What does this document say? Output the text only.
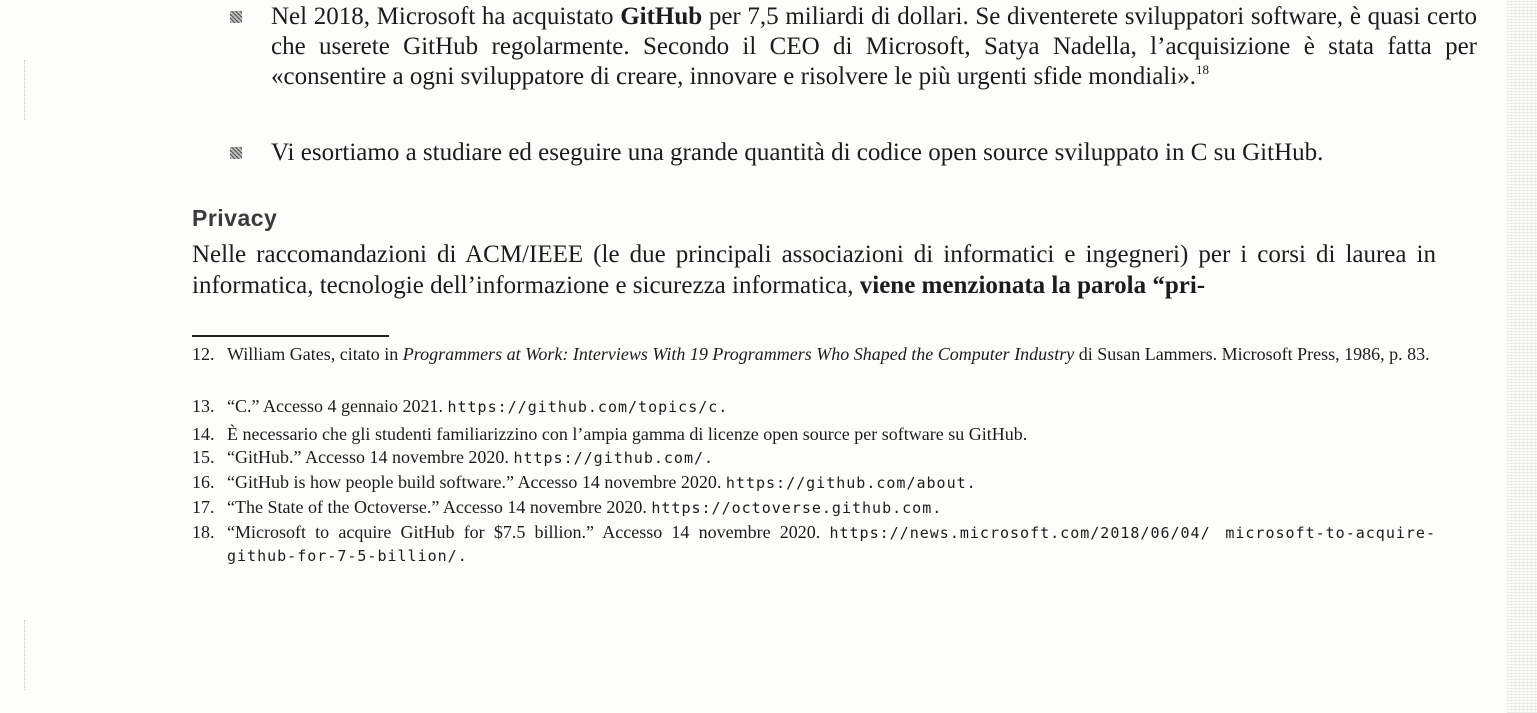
Nel 2018, Microsoft ha acquistato GitHub per 7,5 miliardi di dollari. Se diventerete sviluppatori software, è quasi certo che userete GitHub regolarmente. Secondo il CEO di Microsoft, Satya Nadella, l’acquisizione è stata fatta per «consentire a ogni sviluppatore di creare, innovare e risolvere le più urgenti sfide mondiali».$^{18}$
Vi esortiamo a studiare ed eseguire una grande quantità di codice open source sviluppato in C su GitHub.
Privacy
Nelle raccomandazioni di ACM/IEEE (le due principali associazioni di informatici e ingegneri) per i corsi di laurea in informatica, tecnologie dell’informazione e sicurezza informatica, viene menzionata la parola “pri-
12. William Gates, citato in Programmers at Work: Interviews With 19 Programmers Who Shaped the Computer Industry di Susan Lammers. Microsoft Press, 1986, p. 83.
13. “C.” Accesso 4 gennaio 2021. https://github.com/topics/c.
14. È necessario che gli studenti familiarizzino con l’ampia gamma di licenze open source per software su GitHub.
15. “GitHub.” Accesso 14 novembre 2020. https://github.com/.
16. “GitHub is how people build software.” Accesso 14 novembre 2020. https://github.com/about.
17. “The State of the Octoverse.” Accesso 14 novembre 2020. https://octoverse.github.com.
18. “Microsoft to acquire GitHub for $7.5 billion.” Accesso 14 novembre 2020. https://news.microsoft.com/2018/06/04/ microsoft-to-acquire-github-for-7-5-billion/.
